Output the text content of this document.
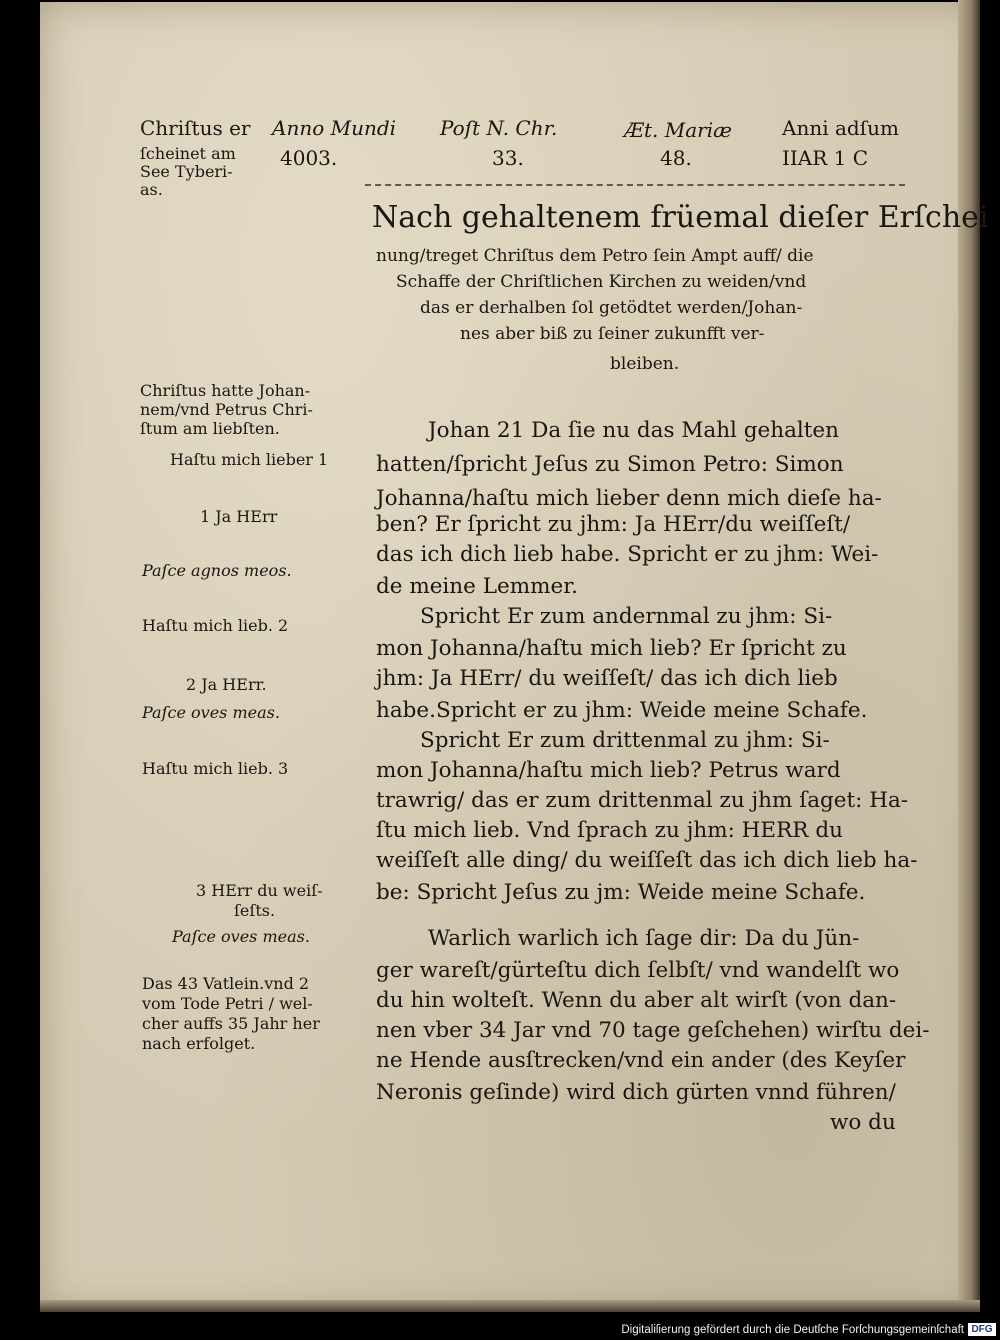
Chriſtus er Anno Mundi

4003.

Poſt N. Chr.

33.

Æt. Mariæ

48.

Anni adſum

IIAR 1 C

ſcheinet am

See Tyberi-

as.

Nach gehaltenem früemal dieſer Erſchei

nung/treget Chriſtus dem Petro ſein Ampt auff/ die

Schaffe der Chriſtlichen Kirchen zu weiden/vnd

das er derhalben ſol getödtet werden/Johan-

nes aber biß zu ſeiner zukunfft ver-

bleiben.

Chriſtus hatte Johan-

nem/vnd Petrus Chri-

ſtum am liebſten.

Haſtu mich lieber 1

1 Ja HErr

Paſce agnos meos.

Haſtu mich lieb. 2

2 Ja HErr.

Paſce oves meas.

Haſtu mich lieb. 3

3 HErr du weiſ-

ſeſts.

Paſce oves meas.

Das 43 Vatlein.vnd 2

vom Tode Petri / wel-

cher auffs 35 Jahr her

nach erfolget.

Johan 21 Da ſie nu das Mahl gehalten

hatten/ſpricht Jeſus zu Simon Petro: Simon

Johanna/haſtu mich lieber denn mich dieſe ha-

ben? Er ſpricht zu jhm: Ja HErr/du weiſſeſt/

das ich dich lieb habe. Spricht er zu jhm: Wei-

de meine Lemmer.

Spricht Er zum andernmal zu jhm: Si-

mon Johanna/haſtu mich lieb? Er ſpricht zu

jhm: Ja HErr/ du weiſſeſt/ das ich dich lieb

habe.Spricht er zu jhm: Weide meine Schafe.

Spricht Er zum drittenmal zu jhm: Si-

mon Johanna/haſtu mich lieb? Petrus ward

trawrig/ das er zum drittenmal zu jhm ſaget: Ha-

ſtu mich lieb. Vnd ſprach zu jhm: HERR du

weiſſeſt alle ding/ du weiſſeſt das ich dich lieb ha-

be: Spricht Jeſus zu jm: Weide meine Schafe.

Warlich warlich ich ſage dir: Da du Jün-

ger wareſt/gürteſtu dich ſelbſt/ vnd wandelſt wo

du hin wolteſt. Wenn du aber alt wirſt (von dan-

nen vber 34 Jar vnd 70 tage geſchehen) wirſtu dei-

ne Hende ausſtrecken/vnd ein ander (des Keyſer

Neronis geſinde) wird dich gürten vnnd führen/

wo du

Digitaliſierung gefördert durch die Deutſche Forſchungsgemeinſchaft DFG
